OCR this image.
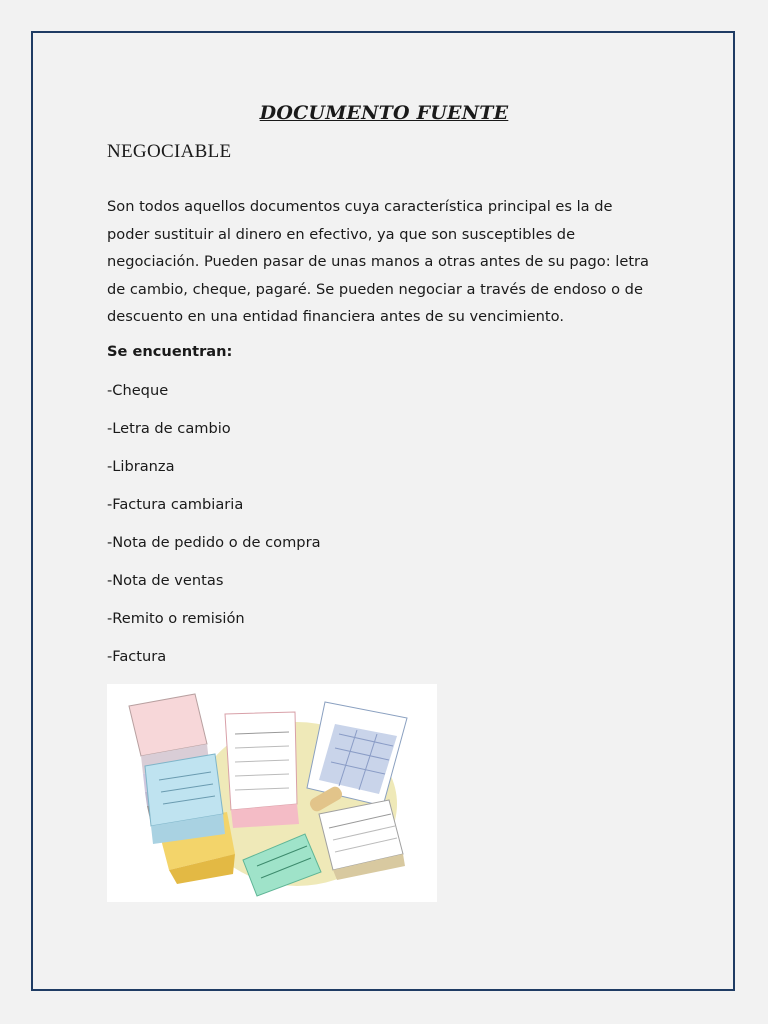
DOCUMENTO FUENTE
NEGOCIABLE

Son todos aquellos documentos cuya característica principal es la de poder sustituir al dinero en efectivo, ya que son susceptibles de negociación. Pueden pasar de unas manos a otras antes de su pago: letra de cambio, cheque, pagaré. Se pueden negociar a través de endoso o de descuento en una entidad financiera antes de su vencimiento.

Se encuentran:
-Cheque
-Letra de cambio
-Libranza
-Factura cambiaria
-Nota de pedido o de compra
-Nota de ventas
-Remito o remisión
-Factura
